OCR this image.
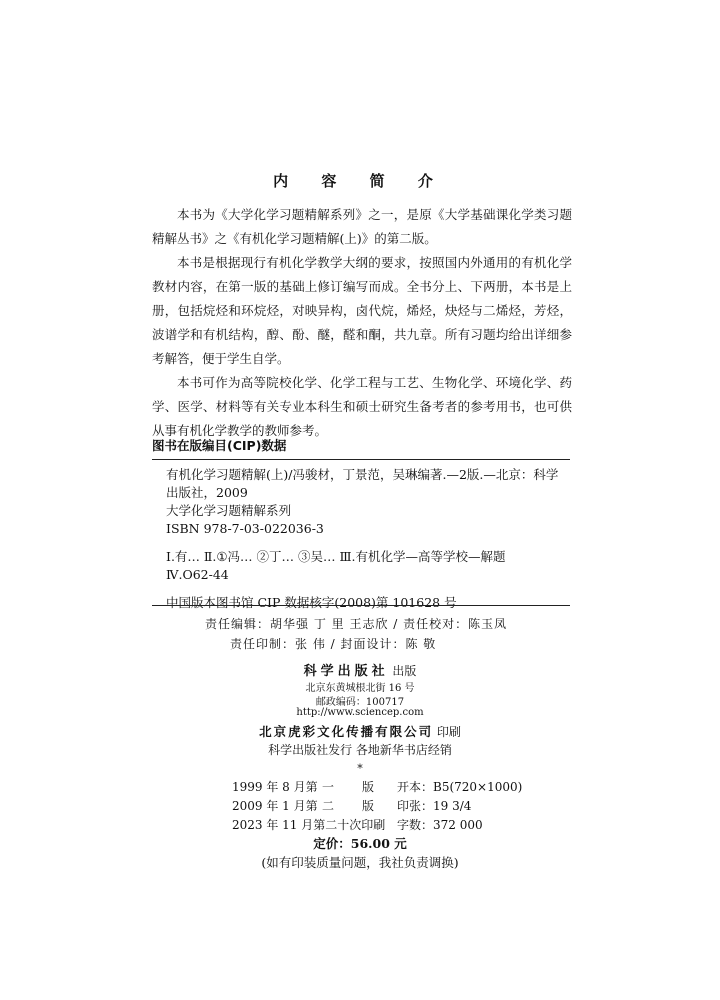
内 容 简 介

本书为《大学化学习题精解系列》之一，是原《大学基础课化学类习题精解丛书》之《有机化学习题精解(上)》的第二版。

本书是根据现行有机化学教学大纲的要求，按照国内外通用的有机化学教材内容，在第一版的基础上修订编写而成。全书分上、下两册，本书是上册，包括烷烃和环烷烃，对映异构，卤代烷，烯烃，炔烃与二烯烃，芳烃，波谱学和有机结构，醇、酚、醚，醛和酮，共九章。所有习题均给出详细参考解答，便于学生自学。

本书可作为高等院校化学、化学工程与工艺、生物化学、环境化学、药学、医学、材料等有关专业本科生和硕士研究生备考者的参考用书，也可供从事有机化学教学的教师参考。

图书在版编目(CIP)数据
有机化学习题精解(上)/冯骏材，丁景范，吴琳编著.—2版.—北京：科学出版社，2009
大学化学习题精解系列
ISBN 978-7-03-022036-3
Ⅰ.有… Ⅱ.①冯… ②丁… ③吴… Ⅲ.有机化学—高等学校—解题
Ⅳ.O62-44
中国版本图书馆 CIP 数据核字(2008)第 101628 号
责任编辑：胡华强 丁 里 王志欣 / 责任校对：陈玉凤
责任印制：张 伟 / 封面设计：陈 敬
科学出版社 出版
北京东黄城根北街 16 号
邮政编码：100717
http://www.sciencep.com
北京虎彩文化传播有限公司 印刷
科学出版社发行 各地新华书店经销
*
1999 年 8 月第 一 版 开本：B5(720×1000)
2009 年 1 月第 二 版 印张：19 3/4
2023 年 11 月第二十次印刷 字数：372 000
定价：56.00 元
(如有印装质量问题，我社负责调换)
